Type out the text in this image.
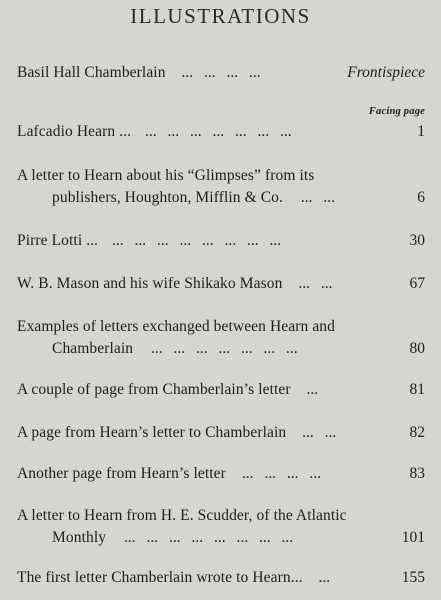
ILLUSTRATIONS
Facing page
Basil Hall Chamberlain ... ... ... ...	Frontispiece
Lafcadio Hearn ... ... ... ... ... ... ... ...	1
A letter to Hearn about his “Glimpses” from its
publishers, Houghton, Mifflin & Co. ... ...	6
Pirre Lotti ... ... ... ... ... ... ... ... ...	30
W. B. Mason and his wife Shikako Mason ... ...	67
Examples of letters exchanged between Hearn and
Chamberlain ... ... ... ... ... ... ...	80
A couple of page from Chamberlain’s letter ...	81
A page from Hearn’s letter to Chamberlain ... ...	82
Another page from Hearn’s letter ... ... ... ...	83
A letter to Hearn from H. E. Scudder, of the Atlantic
Monthly ... ... ... ... ... ... ... ...	101
The first letter Chamberlain wrote to Hearn... ...	155
